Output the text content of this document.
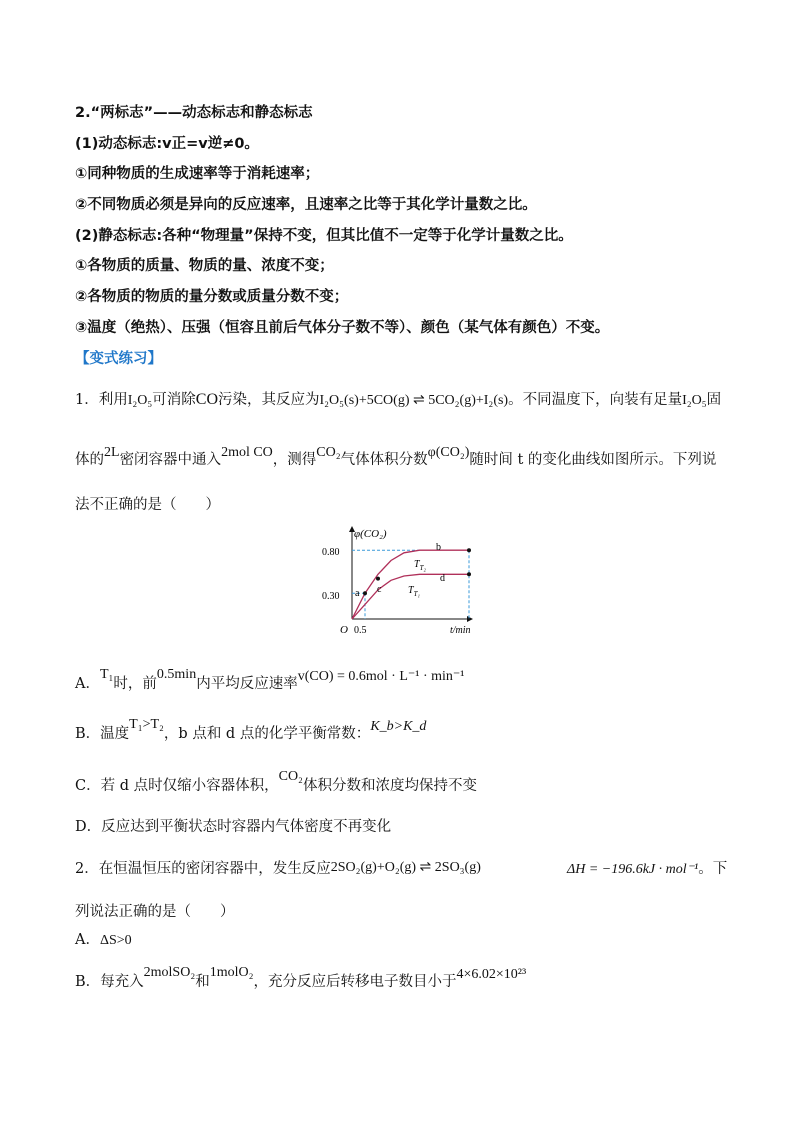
2.“两标志”——动态标志和静态标志
(1)动态标志:v正=v逆≠0。
①同种物质的生成速率等于消耗速率；
②不同物质必须是异向的反应速率，且速率之比等于其化学计量数之比。
(2)静态标志:各种“物理量”保持不变，但其比值不一定等于化学计量数之比。
①各物质的质量、物质的量、浓度不变；
②各物质的物质的量分数或质量分数不变；
③温度（绝热）、压强（恒容且前后气体分子数不等）、颜色（某气体有颜色）不变。
【变式练习】
1．利用I₂O₅可消除CO污染，其反应为I₂O₅(s)+5CO(g) ⇌ 5CO₂(g)+I₂(s)。不同温度下，向装有足量I₂O₅固
体的2L密闭容器中通入2mol CO，测得CO₂气体体积分数φ(CO₂)随时间 t 的变化曲线如图所示。下列说
法不正确的是（　　）
φ(CO₂)
t/min
O
0.80
0.30
0.5
$T_{T_2}$
$T_{T_1}$
a
b
c
d
A．T₁时，前0.5min内平均反应速率v(CO) = 0.6mol · L⁻¹ · min⁻¹
B．温度T₁>T₂，b 点和 d 点的化学平衡常数：K_b>K_d
C．若 d 点时仅缩小容器体积，CO₂体积分数和浓度均保持不变
D．反应达到平衡状态时容器内气体密度不再变化
2．在恒温恒压的密闭容器中，发生反应2SO₂(g)+O₂(g) ⇌ 2SO₃(g)	ΔH = −196.6kJ · mol⁻¹。下
列说法正确的是（　　）
A．ΔS>0
B．每充入2molSO₂和1molO₂，充分反应后转移电子数目小于4×6.02×10²³
